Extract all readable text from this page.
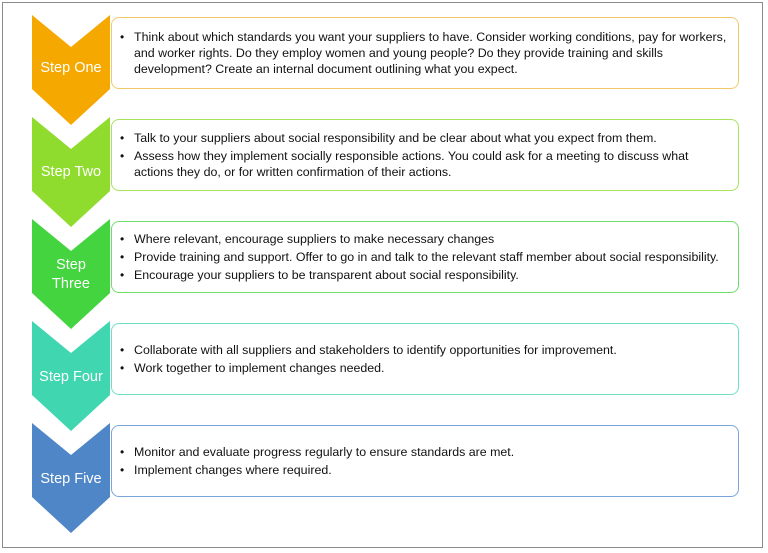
Step One
• Think about which standards you want your suppliers to have. Consider working conditions, pay for workers, and worker rights. Do they employ women and young people? Do they provide training and skills development? Create an internal document outlining what you expect.
Step Two
• Talk to your suppliers about social responsibility and be clear about what you expect from them.
• Assess how they implement socially responsible actions. You could ask for a meeting to discuss what actions they do, or for written confirmation of their actions.
Step Three
• Where relevant, encourage suppliers to make necessary changes
• Provide training and support. Offer to go in and talk to the relevant staff member about social responsibility.
• Encourage your suppliers to be transparent about social responsibility.
Step Four
• Collaborate with all suppliers and stakeholders to identify opportunities for improvement.
• Work together to implement changes needed.
Step Five
• Monitor and evaluate progress regularly to ensure standards are met.
• Implement changes where required.
